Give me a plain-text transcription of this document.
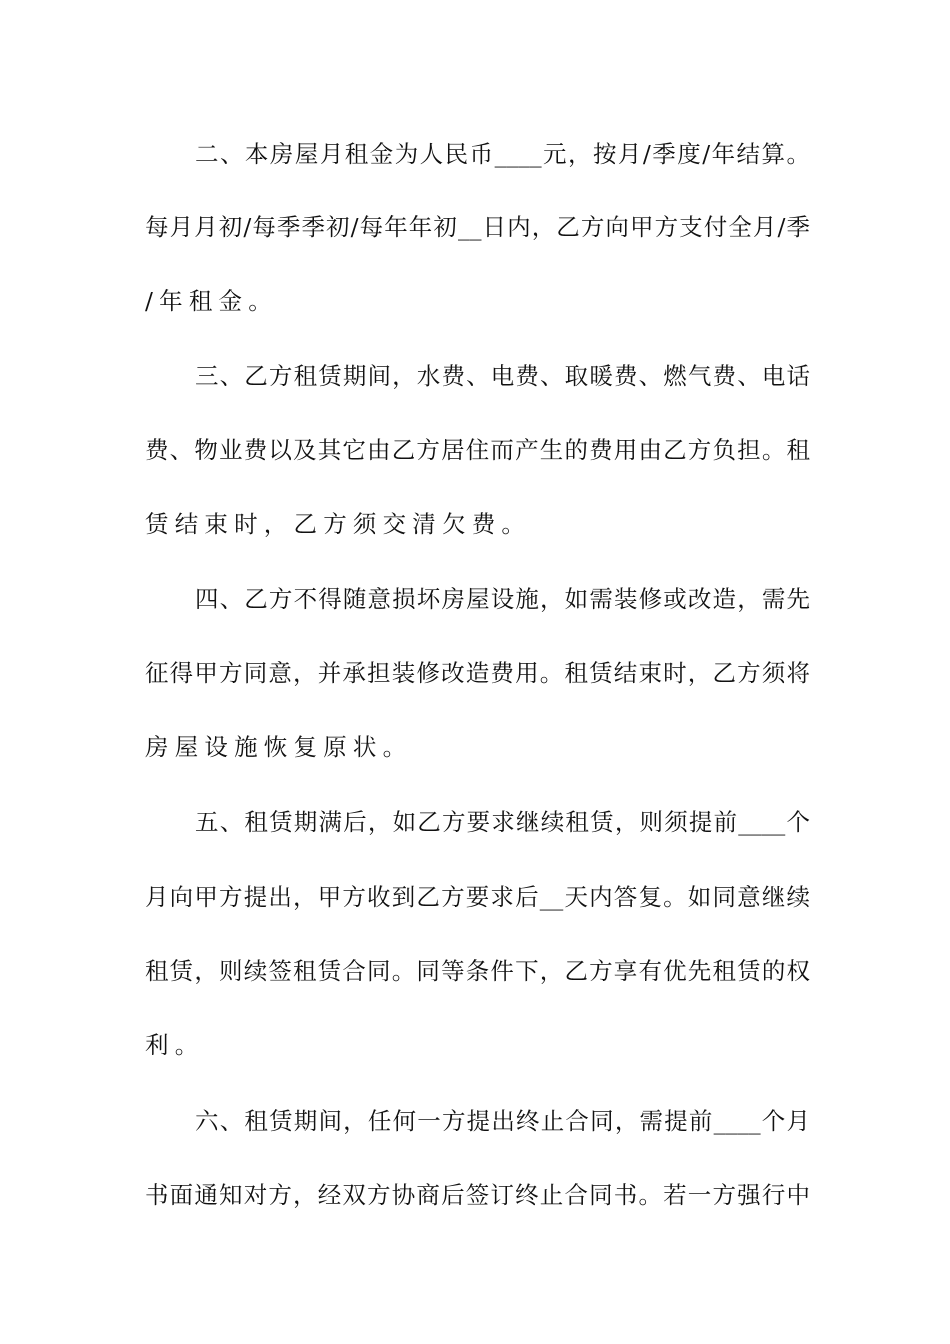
二、本房屋月租金为人民币____元，按月/季度/年结算。
每月月初/每季季初/每年年初__日内，乙方向甲方支付全月/季
/年租金。
三、乙方租赁期间，水费、电费、取暖费、燃气费、电话
费、物业费以及其它由乙方居住而产生的费用由乙方负担。租
赁结束时，乙方须交清欠费。
四、乙方不得随意损坏房屋设施，如需装修或改造，需先
征得甲方同意，并承担装修改造费用。租赁结束时，乙方须将
房屋设施恢复原状。
五、租赁期满后，如乙方要求继续租赁，则须提前____个
月向甲方提出，甲方收到乙方要求后__天内答复。如同意继续
租赁，则续签租赁合同。同等条件下，乙方享有优先租赁的权
利。
六、租赁期间，任何一方提出终止合同，需提前____个月
书面通知对方，经双方协商后签订终止合同书。若一方强行中
